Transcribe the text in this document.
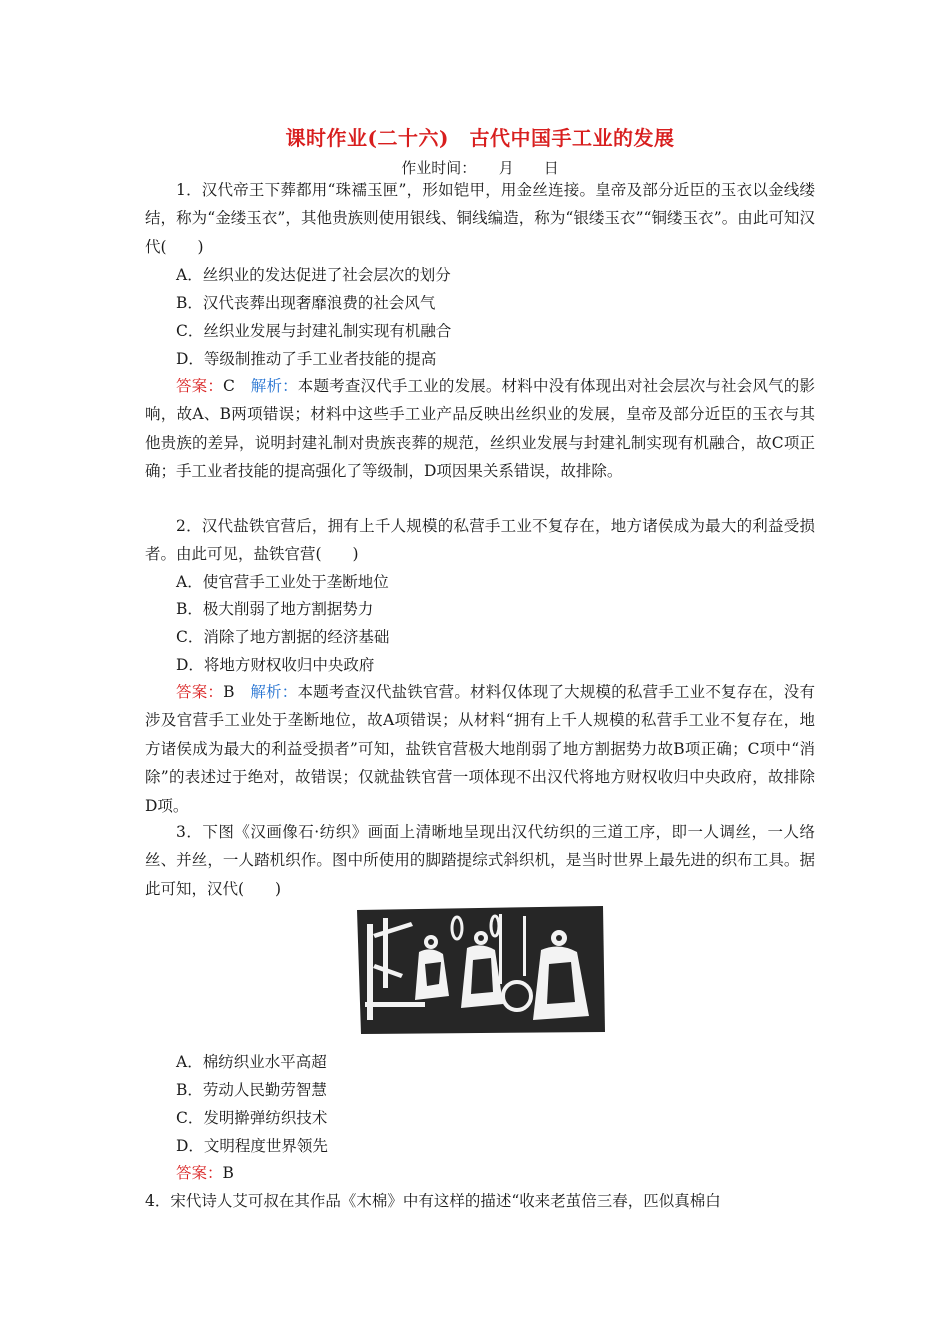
课时作业(二十六)　古代中国手工业的发展
作业时间：　　月　　日
1．汉代帝王下葬都用“珠襦玉匣”，形如铠甲，用金丝连接。皇帝及部分近臣的玉衣以金线缕结，称为“金缕玉衣”，其他贵族则使用银线、铜线编造，称为“银缕玉衣”“铜缕玉衣”。由此可知汉代(　　)
A．丝织业的发达促进了社会层次的划分
B．汉代丧葬出现奢靡浪费的社会风气
C．丝织业发展与封建礼制实现有机融合
D．等级制推动了手工业者技能的提高
答案：C　 解析：本题考查汉代手工业的发展。材料中没有体现出对社会层次与社会风气的影响，故A、B两项错误；材料中这些手工业产品反映出丝织业的发展，皇帝及部分近臣的玉衣与其他贵族的差异，说明封建礼制对贵族丧葬的规范，丝织业发展与封建礼制实现有机融合，故C项正确；手工业者技能的提高强化了等级制，D项因果关系错误，故排除。
2．汉代盐铁官营后，拥有上千人规模的私营手工业不复存在，地方诸侯成为最大的利益受损者。由此可见，盐铁官营(　　)
A．使官营手工业处于垄断地位
B．极大削弱了地方割据势力
C．消除了地方割据的经济基础
D．将地方财权收归中央政府
答案：B　 解析：本题考查汉代盐铁官营。材料仅体现了大规模的私营手工业不复存在，没有涉及官营手工业处于垄断地位，故A项错误；从材料“拥有上千人规模的私营手工业不复存在，地方诸侯成为最大的利益受损者”可知，盐铁官营极大地削弱了地方割据势力故B项正确；C项中“消除”的表述过于绝对，故错误；仅就盐铁官营一项体现不出汉代将地方财权收归中央政府，故排除D项。
3．下图《汉画像石·纺织》画面上清晰地呈现出汉代纺织的三道工序，即一人调丝，一人络丝、并丝，一人踏机织作。图中所使用的脚踏提综式斜织机，是当时世界上最先进的织布工具。据此可知，汉代(　　)
A．棉纺织业水平高超
B．劳动人民勤劳智慧
C．发明擀弹纺织技术
D．文明程度世界领先
答案：B
4．宋代诗人艾可叔在其作品《木棉》中有这样的描述“收来老茧倍三春，匹似真棉白
